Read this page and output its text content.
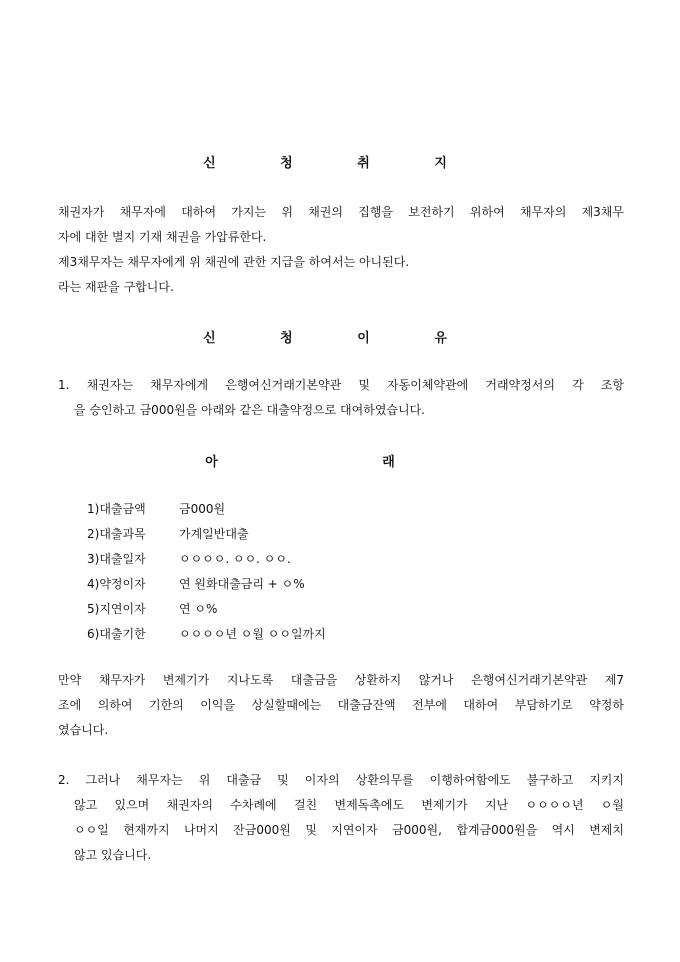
신 청 취 지
채권자가 채무자에 대하여 가지는 위 채권의 집행을 보전하기 위하여 채무자의 제3채무
자에 대한 별지 기재 채권을 가압류한다.
제3채무자는 채무자에게 위 채권에 관한 지급을 하여서는 아니된다.
라는 재판을 구합니다.
신 청 이 유
1. 채권자는 채무자에게 은행여신거래기본약관 및 자동이체약관에 거래약정서의 각 조항
을 승인하고 금000원을 아래와 같은 대출약정으로 대여하였습니다.
아 래
1)대출금액	금000원
2)대출과목	가계일반대출
3)대출일자	ㅇㅇㅇㅇ. ㅇㅇ. ㅇㅇ.
4)약정이자	연 원화대출금리 + ㅇ%
5)지연이자	연 ㅇ%
6)대출기한	ㅇㅇㅇㅇ년 ㅇ월 ㅇㅇ일까지
만약 채무자가 변제기가 지나도록 대출금을 상환하지 않거나 은행여신거래기본약관 제7
조에 의하여 기한의 이익을 상실할때에는 대출금잔액 전부에 대하여 부담하기로 약정하
였습니다.
2. 그러나 채무자는 위 대출금 및 이자의 상환의무를 이행하여함에도 불구하고 지키지
않고 있으며 채권자의 수차례에 걸친 변제독촉에도 변제기가 지난 ㅇㅇㅇㅇ년 ㅇ월
ㅇㅇ일 현재까지 나머지 잔금000원 및 지연이자 금000원, 합계금000원을 역시 변제치
않고 있습니다.
